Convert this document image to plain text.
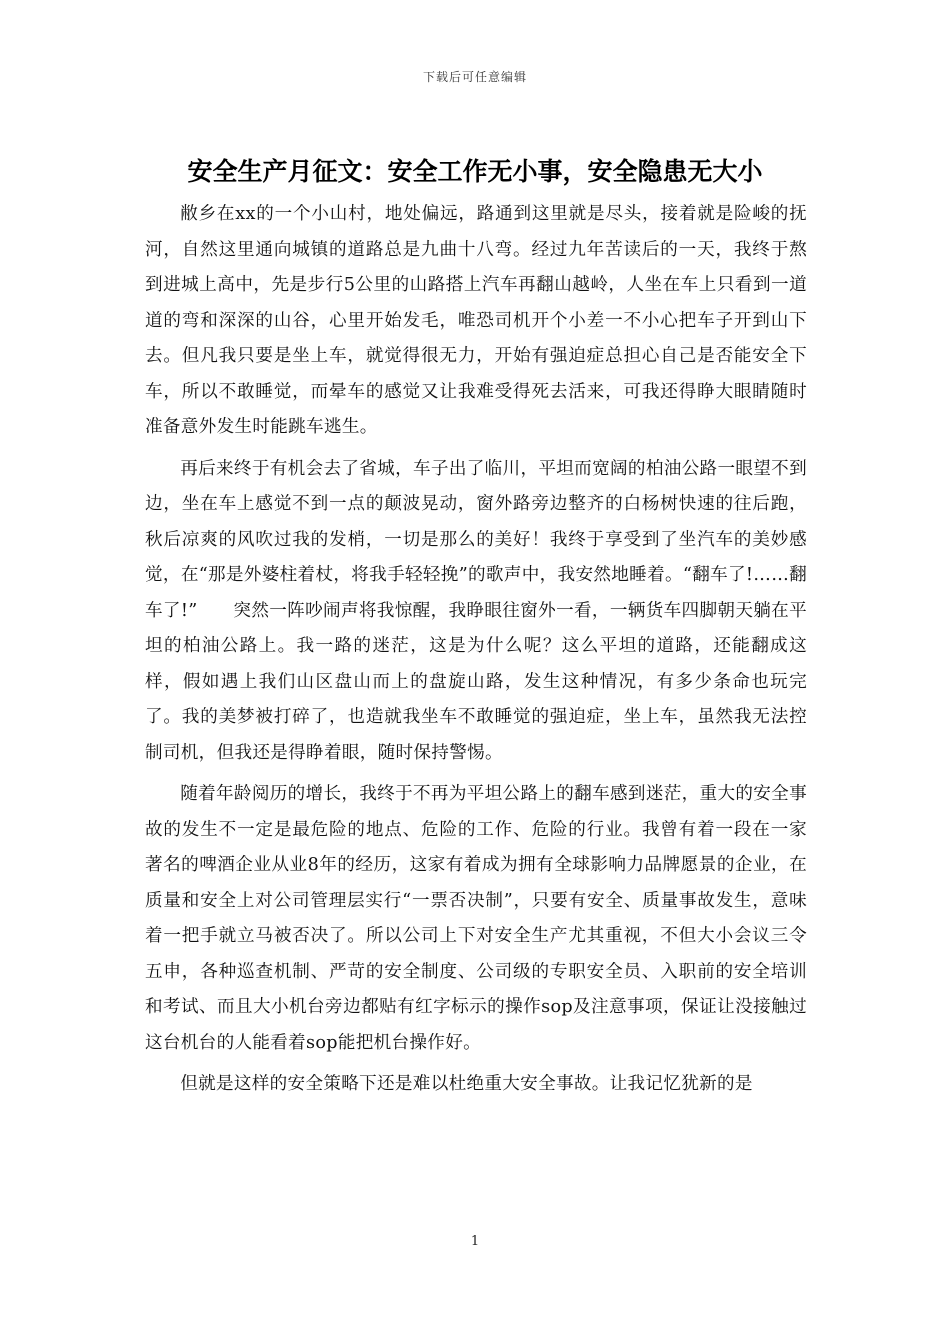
下载后可任意编辑
安全生产月征文：安全工作无小事，安全隐患无大小

敝乡在xx的一个小山村，地处偏远，路通到这里就是尽头，接着就是险峻的抚河，自然这里通向城镇的道路总是九曲十八弯。经过九年苦读后的一天，我终于熬到进城上高中，先是步行5公里的山路搭上汽车再翻山越岭，人坐在车上只看到一道道的弯和深深的山谷，心里开始发毛，唯恐司机开个小差一不小心把车子开到山下去。但凡我只要是坐上车，就觉得很无力，开始有强迫症总担心自己是否能安全下车，所以不敢睡觉，而晕车的感觉又让我难受得死去活来，可我还得睁大眼睛随时准备意外发生时能跳车逃生。

再后来终于有机会去了省城，车子出了临川，平坦而宽阔的柏油公路一眼望不到边，坐在车上感觉不到一点的颠波晃动，窗外路旁边整齐的白杨树快速的往后跑，秋后凉爽的风吹过我的发梢，一切是那么的美好！我终于享受到了坐汽车的美妙感觉，在“那是外婆柱着杖，将我手轻轻挽”的歌声中，我安然地睡着。“翻车了!……翻车了!”　　突然一阵吵闹声将我惊醒，我睁眼往窗外一看，一辆货车四脚朝天躺在平坦的柏油公路上。我一路的迷茫，这是为什么呢？这么平坦的道路，还能翻成这样，假如遇上我们山区盘山而上的盘旋山路，发生这种情况，有多少条命也玩完了。我的美梦被打碎了，也造就我坐车不敢睡觉的强迫症，坐上车，虽然我无法控制司机，但我还是得睁着眼，随时保持警惕。

随着年龄阅历的增长，我终于不再为平坦公路上的翻车感到迷茫，重大的安全事故的发生不一定是最危险的地点、危险的工作、危险的行业。我曾有着一段在一家著名的啤酒企业从业8年的经历，这家有着成为拥有全球影响力品牌愿景的企业，在质量和安全上对公司管理层实行“一票否决制”，只要有安全、质量事故发生，意味着一把手就立马被否决了。所以公司上下对安全生产尤其重视，不但大小会议三令五申，各种巡查机制、严苛的安全制度、公司级的专职安全员、入职前的安全培训和考试、而且大小机台旁边都贴有红字标示的操作sop及注意事项，保证让没接触过这台机台的人能看着sop能把机台操作好。

但就是这样的安全策略下还是难以杜绝重大安全事故。让我记忆犹新的是

1
